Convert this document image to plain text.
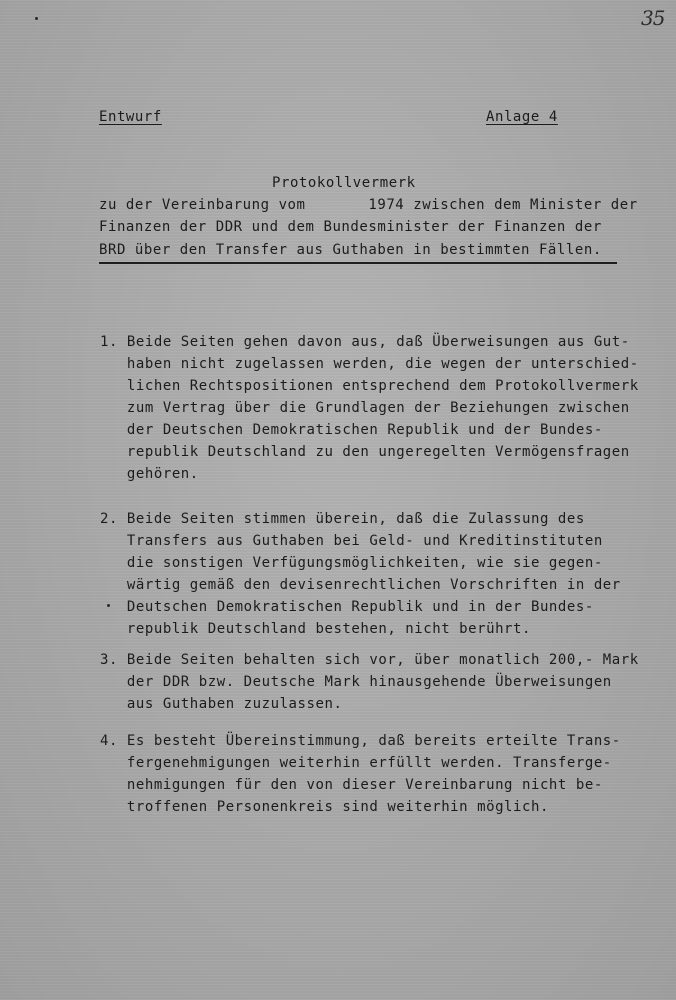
35
Entwurf	Anlage 4
Protokollvermerk
zu der Vereinbarung vom       1974 zwischen dem Minister der
Finanzen der DDR und dem Bundesminister der Finanzen der
BRD über den Transfer aus Guthaben in bestimmten Fällen.
1. Beide Seiten gehen davon aus, daß Überweisungen aus Gut-
haben nicht zugelassen werden, die wegen der unterschied-
lichen Rechtspositionen entsprechend dem Protokollvermerk
zum Vertrag über die Grundlagen der Beziehungen zwischen
der Deutschen Demokratischen Republik und der Bundes-
republik Deutschland zu den ungeregelten Vermögensfragen
gehören.
2. Beide Seiten stimmen überein, daß die Zulassung des
Transfers aus Guthaben bei Geld- und Kreditinstituten
die sonstigen Verfügungsmöglichkeiten, wie sie gegen-
wärtig gemäß den devisenrechtlichen Vorschriften in der
Deutschen Demokratischen Republik und in der Bundes-
republik Deutschland bestehen, nicht berührt.
3. Beide Seiten behalten sich vor, über monatlich 200,- Mark
der DDR bzw. Deutsche Mark hinausgehende Überweisungen
aus Guthaben zuzulassen.
4. Es besteht Übereinstimmung, daß bereits erteilte Trans-
fergenehmigungen weiterhin erfüllt werden. Transferge-
nehmigungen für den von dieser Vereinbarung nicht be-
troffenen Personenkreis sind weiterhin möglich.
